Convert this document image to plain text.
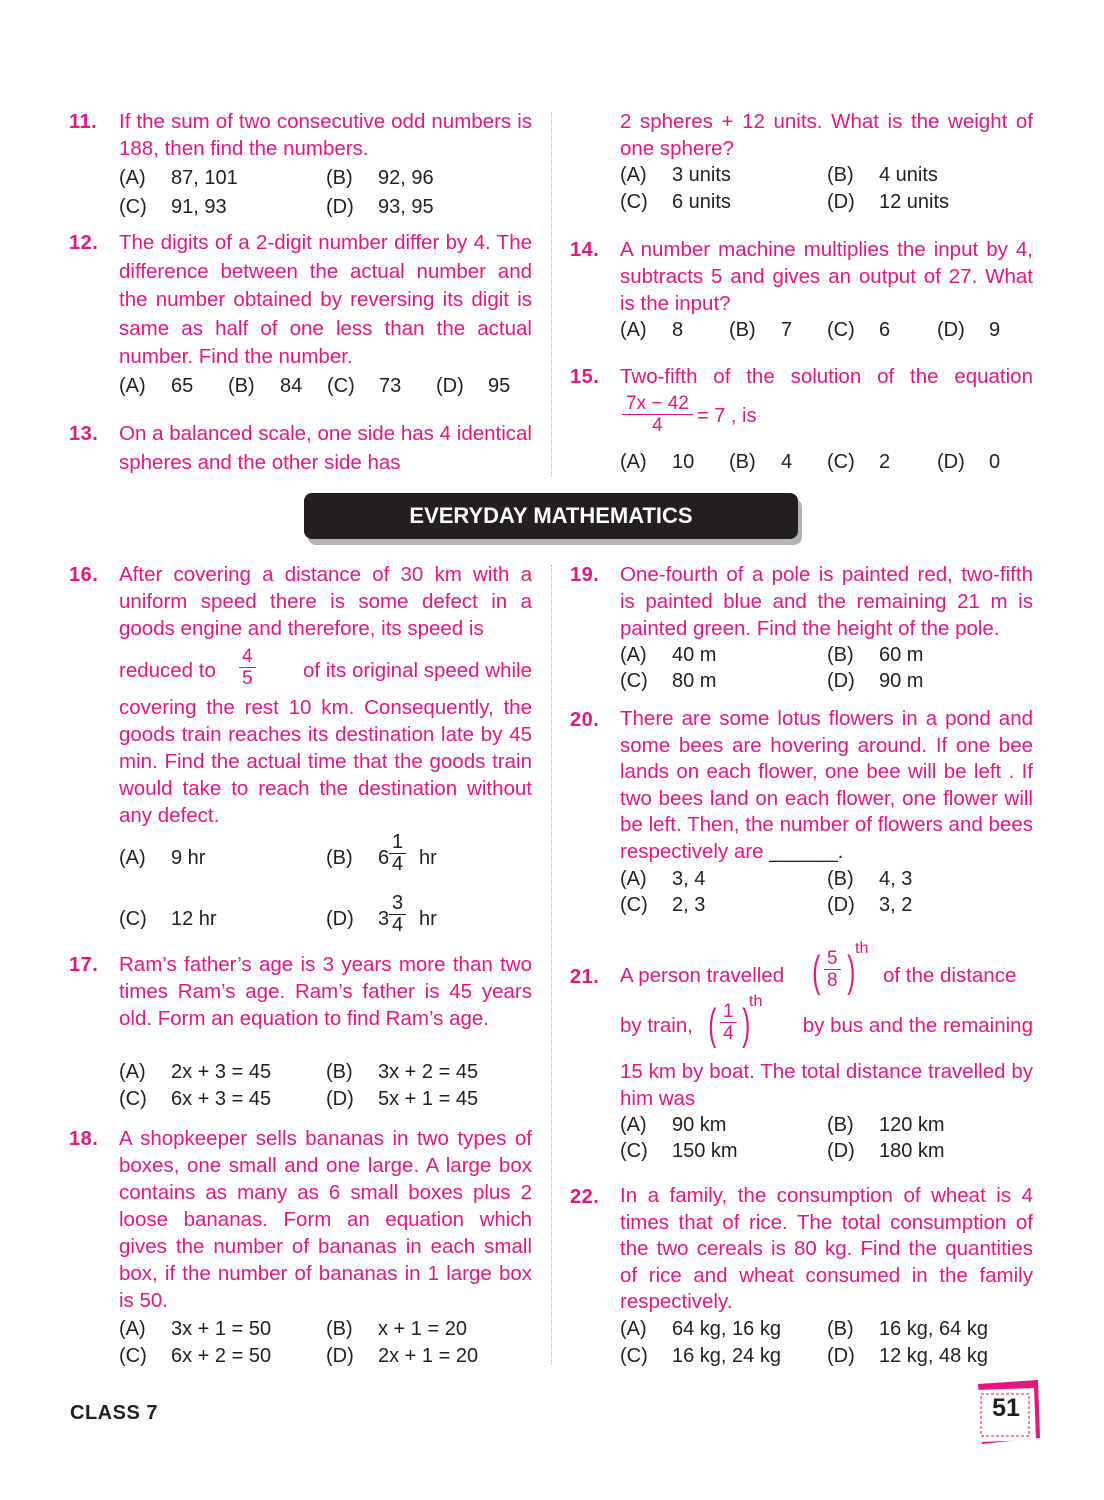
11. If the sum of two consecutive odd numbers is 188, then find the numbers.
(A) 87, 101	(B) 92, 96
(C) 91, 93	(D) 93, 95
12. The digits of a 2-digit number differ by 4. The difference between the actual number and the number obtained by reversing its digit is same as half of one less than the actual number. Find the number.
(A) 65 (B) 84 (C) 73 (D) 95
13. On a balanced scale, one side has 4 identical spheres and the other side has
2 spheres + 12 units. What is the weight of one sphere?
(A) 3 units	(B) 4 units
(C) 6 units	(D) 12 units
14. A number machine multiplies the input by 4, subtracts 5 and gives an output of 27. What is the input?
(A) 8 (B) 7 (C) 6 (D) 9
15. Two-fifth of the solution of the equation
$\frac{7x - 42}{4} = 7$ , is
(A) 10 (B) 4 (C) 2 (D) 0
EVERYDAY MATHEMATICS
16. After covering a distance of 30 km with a uniform speed there is some defect in a goods engine and therefore, its speed is
reduced to $\frac{4}{5}$	of its original speed while
covering the rest 10 km. Consequently, the goods train reaches its destination late by 45 min. Find the actual time that the goods train would take to reach the destination without any defect.
(A) 9 hr	(B) $6 \frac{1}{4}$ hr
(C) 12 hr	(D) $3 \frac{3}{4}$ hr
17. Ram’s father’s age is 3 years more than two times Ram’s age. Ram’s father is 45 years old. Form an equation to find Ram’s age.
(A) 2x + 3 = 45	(B) 3x + 2 = 45
(C) 6x + 3 = 45	(D) 5x + 1 = 45
18. A shopkeeper sells bananas in two types of boxes, one small and one large. A large box contains as many as 6 small boxes plus 2 loose bananas. Form an equation which gives the number of bananas in each small box, if the number of bananas in 1 large box is 50.
(A) 3x + 1 = 50	(B) x + 1 = 20
(C) 6x + 2 = 50	(D) 2x + 1 = 20
19. One-fourth of a pole is painted red, two-fifth is painted blue and the remaining 21 m is painted green. Find the height of the pole.
(A) 40 m	(B) 60 m
(C) 80 m	(D) 90 m
20. There are some lotus flowers in a pond and some bees are hovering around. If one bee lands on each flower, one bee will be left . If two bees land on each flower, one flower will be left. Then, the number of flowers and bees respectively are ______.
(A) 3, 4	(B) 4, 3
(C) 2, 3	(D) 3, 2
21. A person travelled ( $\frac{5}{8}$ ) th
of the distance
by train, ( $\frac{1}{4}$ )
th
by bus and the remaining
15 km by boat. The total distance travelled by him was
(A) 90 km	(B) 120 km
(C) 150 km	(D) 180 km
22. In a family, the consumption of wheat is 4 times that of rice. The total consumption of the two cereals is 80 kg. Find the quantities of rice and wheat consumed in the family respectively.
(A) 64 kg, 16 kg (B) 16 kg, 64 kg
(C) 16 kg, 24 kg (D) 12 kg, 48 kg
CLASS 7	51
